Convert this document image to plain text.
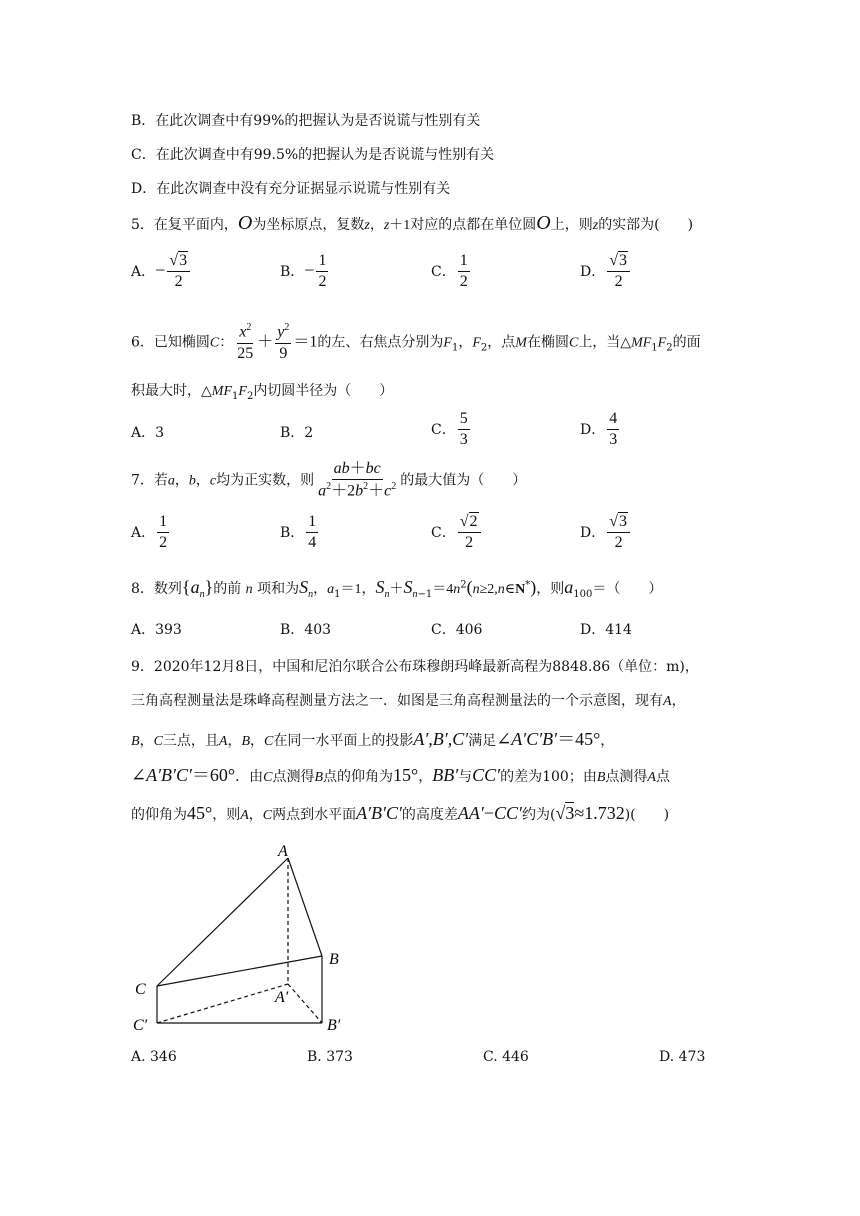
B．在此次调查中有99%的把握认为是否说谎与性别有关
C．在此次调查中有99.5%的把握认为是否说谎与性别有关
D．在此次调查中没有充分证据显示说谎与性别有关
5．在复平面内，O为坐标原点，复数z，z＋1对应的点都在单位圆O上，则z的实部为(　　)
A．− $\frac{√3}{2}$	B．− $\frac{1}{2}$	C． $\frac{1}{2}$	D． $\frac{√3}{2}$
6．已知椭圆C： $\frac{x^2}{25} + \frac{y^2}{9} =1$的左、右焦点分别为$F_1$，$F_2$，点M在椭圆C上，当$\triangle MF_1F_2$的面
积最大时，$\triangle MF_1F_2$内切圆半径为（　　）
A．3	B．2	C． $\frac{5}{3}$	D． $\frac{4}{3}$
7．若a，b，c均为正实数，则 $\frac{ab+bc}{a^2+2b^2+c^2}$ 的最大值为（　　）
A． $\frac{1}{2}$	B． $\frac{1}{4}$	C． $\frac{√2}{2}$	D． $\frac{√3}{2}$
8．数列$\{a_n\}$的前 n 项和为$S_n$，$a_1=1$，$S_n+S_{n-1}=4n^2(n\ge 2,n\in N^*)$，则$a_{100}=$（　　）
A．393	B．403	C．406	D．414
9．2020年12月8日，中国和尼泊尔联合公布珠穆朗玛峰最新高程为8848.86（单位：m)，
三角高程测量法是珠峰高程测量方法之一．如图是三角高程测量法的一个示意图，现有A，
B，C三点，且A，B，C在同一水平面上的投影A′,B′,C′满足∠A′C′B′＝45°，
∠A′B′C′＝60°．由C点测得B点的仰角为15°，BB′与CC′的差为100；由B点测得A点
的仰角为45°，则A，C两点到水平面A′B′C′的高度差AA′−CC′约为(√3≈1.732)(　　)
A
B
C	A′
B′
C′
A. 346	B. 373	C. 446	D. 473
